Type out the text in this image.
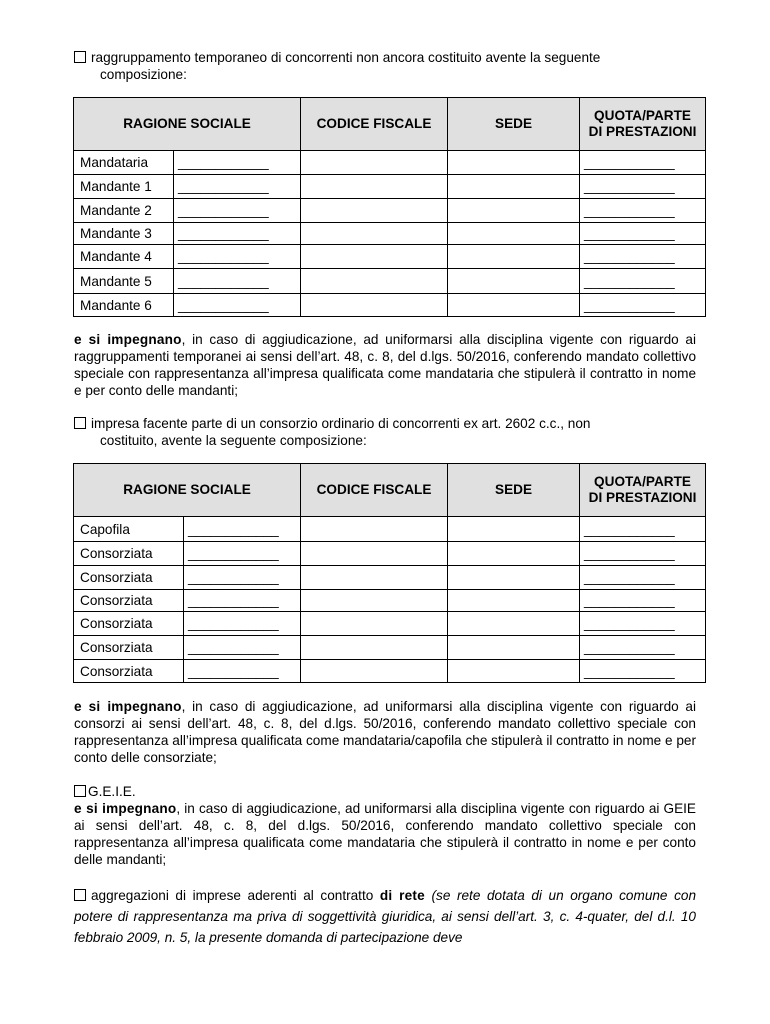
raggruppamento temporaneo di concorrenti non ancora costituito avente la seguente
composizione:
RAGIONE SOCIALE		CODICE FISCALE	SEDE	QUOTA/PARTE DI PRESTAZIONI
Mandataria	____________			____________
Mandante 1	____________			____________
Mandante 2	____________			____________
Mandante 3	____________			____________
Mandante 4	____________			____________
Mandante 5	____________			____________
Mandante 6	____________			____________
e si impegnano, in caso di aggiudicazione, ad uniformarsi alla disciplina vigente con riguardo ai raggruppamenti temporanei ai sensi dell’art. 48, c. 8, del d.lgs. 50/2016, conferendo mandato collettivo speciale con rappresentanza all’impresa qualificata come mandataria che stipulerà il contratto in nome e per conto delle mandanti;
impresa facente parte di un consorzio ordinario di concorrenti ex art. 2602 c.c., non
costituito, avente la seguente composizione:
RAGIONE SOCIALE		CODICE FISCALE	SEDE	QUOTA/PARTE DI PRESTAZIONI
Capofila	____________			____________
Consorziata	____________			____________
Consorziata	____________			____________
Consorziata	____________			____________
Consorziata	____________			____________
Consorziata	____________			____________
Consorziata	____________			____________
e si impegnano, in caso di aggiudicazione, ad uniformarsi alla disciplina vigente con riguardo ai consorzi ai sensi dell’art. 48, c. 8, del d.lgs. 50/2016, conferendo mandato collettivo speciale con rappresentanza all’impresa qualificata come mandataria/capofila che stipulerà il contratto in nome e per conto delle consorziate;
G.E.I.E.
e si impegnano, in caso di aggiudicazione, ad uniformarsi alla disciplina vigente con riguardo ai GEIE ai sensi dell’art. 48, c. 8, del d.lgs. 50/2016, conferendo mandato collettivo speciale con rappresentanza all’impresa qualificata come mandataria che stipulerà il contratto in nome e per conto delle mandanti;
aggregazioni di imprese aderenti al contratto di rete (se rete dotata di un organo comune con potere di rappresentanza ma priva di soggettività giuridica, ai sensi dell’art. 3, c. 4-quater, del d.l. 10 febbraio 2009, n. 5, la presente domanda di partecipazione deve
